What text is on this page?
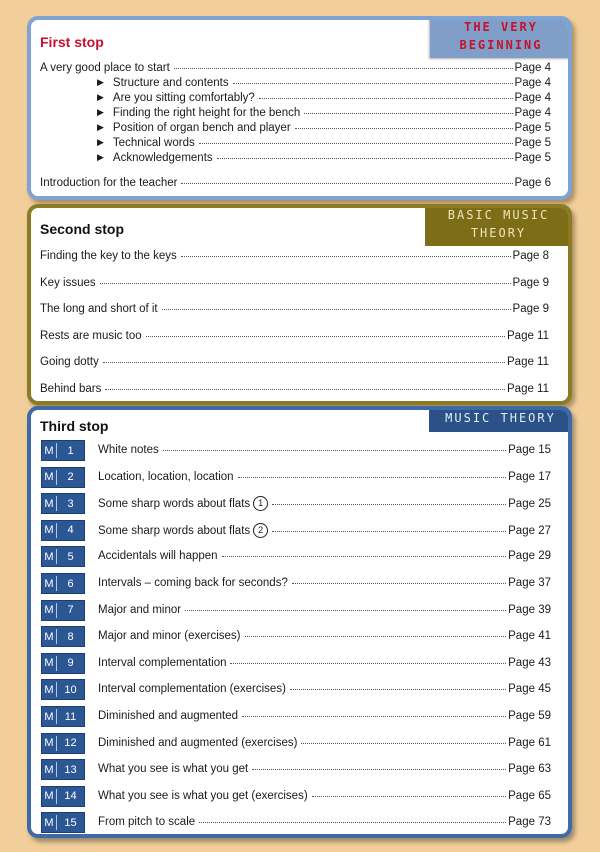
First stop
THE VERY
BEGINNING
A very good place to start	Page 4
▶ Structure and contents	Page 4
▶ Are you sitting comfortably?	Page 4
▶ Finding the right height for the bench	Page 4
▶ Position of organ bench and player	Page 5
▶ Technical words	Page 5
▶ Acknowledgements	Page 5
Introduction for the teacher	Page 6
Second stop
BASIC MUSIC
THEORY
Finding the key to the keys	Page 8
Key issues	Page 9
The long and short of it	Page 9
Rests are music too	Page 11
Going dotty	Page 11
Behind bars	Page 11
Third stop	MUSIC THEORY
M	1	White notes	Page 15
M	2	Location, location, location	Page 17
M	3	Some sharp words about flats 1	Page 25
M	4	Some sharp words about flats 2	Page 27
M	5	Accidentals will happen	Page 29
M	6	Intervals – coming back for seconds?	Page 37
M	7	Major and minor	Page 39
M	8	Major and minor (exercises)	Page 41
M	9	Interval complementation	Page 43
M 10	Interval complementation (exercises)	Page 45
M	11	Diminished and augmented	Page 59
M 12	Diminished and augmented (exercises)	Page 61
M 13	What you see is what you get	Page 63
M 14	What you see is what you get (exercises)	Page 65
M 15	From pitch to scale	Page 73
